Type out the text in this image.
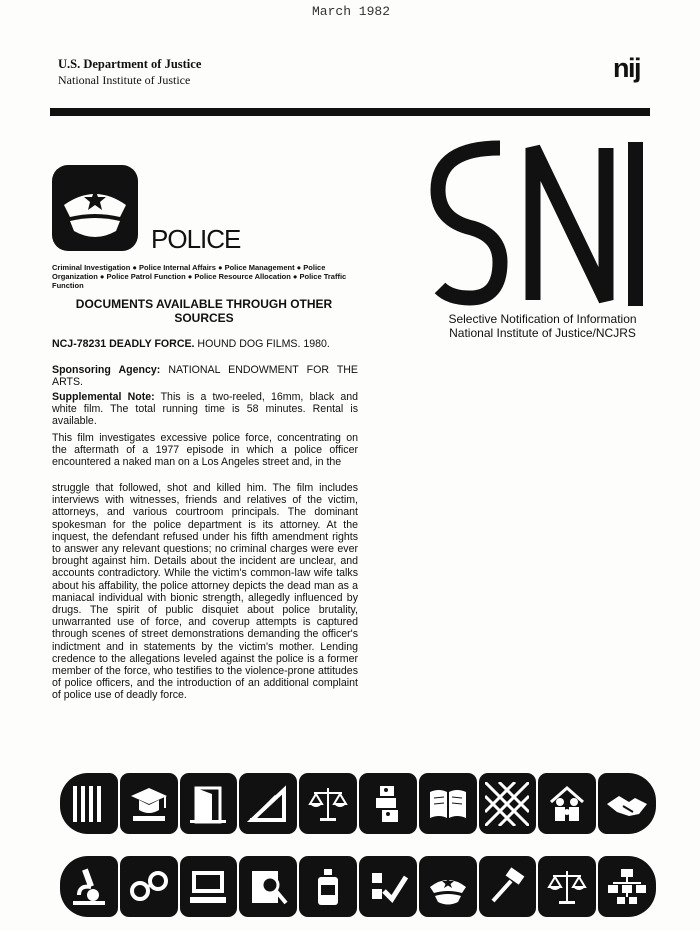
March 1982
U.S. Department of Justice
National Institute of Justice	nij
POLICE
Criminal Investigation ● Police Internal Affairs ● Police Management ● Police Organization ● Police Patrol Function ● Police Resource Allocation ● Police Traffic Function
Selective Notification of Information
National Institute of Justice/NCJRS
DOCUMENTS AVAILABLE THROUGH OTHER SOURCES
NCJ-78231 DEADLY FORCE. HOUND DOG FILMS. 1980.
Sponsoring Agency: NATIONAL ENDOWMENT FOR THE ARTS.
Supplemental Note: This is a two-reeled, 16mm, black and white film. The total running time is 58 minutes. Rental is available.
This film investigates excessive police force, concentrating on the aftermath of a 1977 episode in which a police officer encountered a naked man on a Los Angeles street and, in the
struggle that followed, shot and killed him. The film includes interviews with witnesses, friends and relatives of the victim, attorneys, and various courtroom principals. The dominant spokesman for the police department is its attorney. At the inquest, the defendant refused under his fifth amendment rights to answer any relevant questions; no criminal charges were ever brought against him. Details about the incident are unclear, and accounts contradictory. While the victim's common-law wife talks about his affability, the police attorney depicts the dead man as a maniacal individual with bionic strength, allegedly influenced by drugs. The spirit of public disquiet about police brutality, unwarranted use of force, and coverup attempts is captured through scenes of street demonstrations demanding the officer's indictment and in statements by the victim's mother. Lending credence to the allegations leveled against the police is a former member of the force, who testifies to the violence-prone attitudes of police officers, and the introduction of an additional complaint of police use of deadly force.
